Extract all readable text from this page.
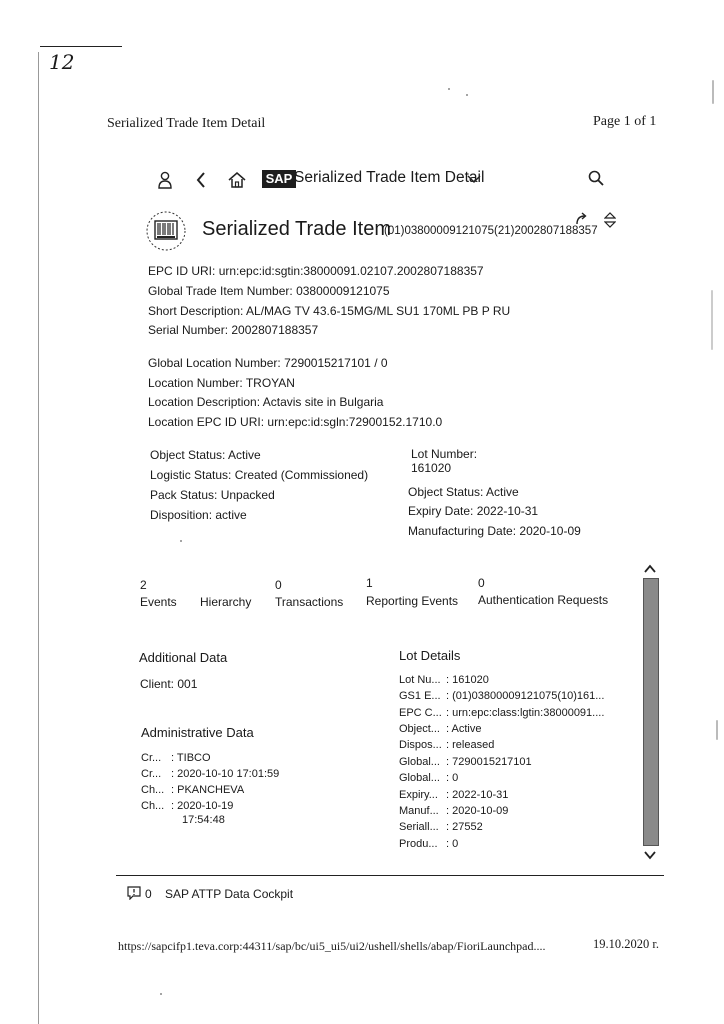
12
Serialized Trade Item Detail	Page 1 of 1
SAP Serialized Trade Item Detail
Serialized Trade Item
(01)03800009121075(21)2002807188357
EPC ID URI: urn:epc:id:sgtin:38000091.02107.2002807188357
Global Trade Item Number: 03800009121075
Short Description: AL/MAG TV 43.6-15MG/ML SU1 170ML PB P RU
Serial Number: 2002807188357
Global Location Number: 7290015217101 / 0
Location Number: TROYAN
Location Description: Actavis site in Bulgaria
Location EPC ID URI: urn:epc:id:sgln:72900152.1710.0
Object Status: Active
Logistic Status: Created (Commissioned)
Pack Status: Unpacked
Disposition: active
Lot Number:
161020
Object Status: Active
Expiry Date: 2022-10-31
Manufacturing Date: 2020-10-09
2
Events Hierarchy
0
Transactions
1
Reporting Events
0
Authentication Requests
Additional Data
Client: 001
Administrative Data
Cr... : TIBCO
Cr... : 2020-10-10 17:01:59
Ch... : PKANCHEVA
Ch... : 2020-10-19
17:54:48
Lot Details
Lot Nu... : 161020
GS1 E... : (01)03800009121075(10)161...
EPC C... : urn:epc:class:lgtin:38000091....
Object... : Active
Dispos... : released
Global... : 7290015217101
Global... : 0
Expiry... : 2022-10-31
Manuf... : 2020-10-09
Seriall... : 27552
Produ... : 0
0 SAP ATTP Data Cockpit
https://sapcifp1.teva.corp:44311/sap/bc/ui5_ui5/ui2/ushell/shells/abap/FioriLaunchpad....	19.10.2020 r.
